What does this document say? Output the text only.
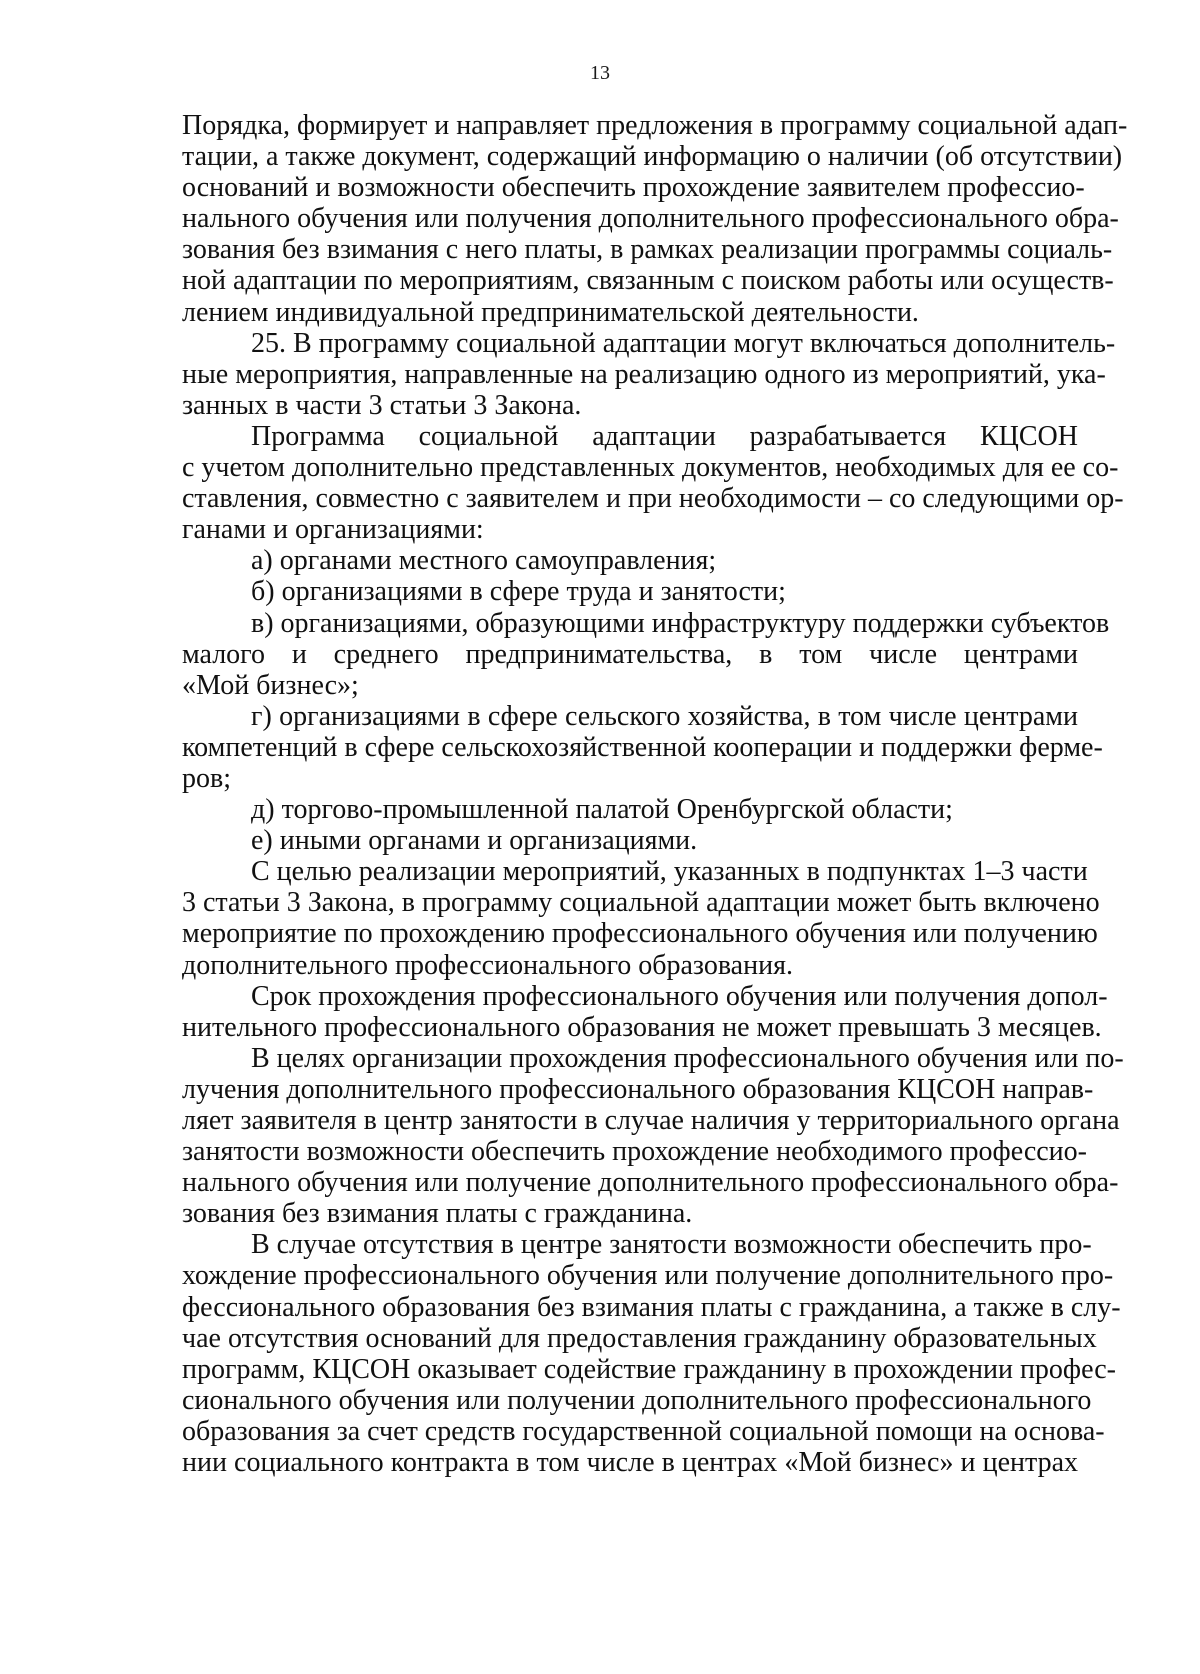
13
Порядка, формирует и направляет предложения в программу социальной адап-
тации, а также документ, содержащий информацию о наличии (об отсутствии)
оснований и возможности обеспечить прохождение заявителем профессио-
нального обучения или получения дополнительного профессионального обра-
зования без взимания с него платы, в рамках реализации программы социаль-
ной адаптации по мероприятиям, связанным с поиском работы или осуществ-
лением индивидуальной предпринимательской деятельности.
25. В программу социальной адаптации могут включаться дополнитель-
ные мероприятия, направленные на реализацию одного из мероприятий, ука-
занных в части 3 статьи 3 Закона.
Программа социальной адаптации разрабатывается КЦСОН
с учетом дополнительно представленных документов, необходимых для ее со-
ставления, совместно с заявителем и при необходимости – со следующими ор-
ганами и организациями:
а) органами местного самоуправления;
б) организациями в сфере труда и занятости;
в) организациями, образующими инфраструктуру поддержки субъектов
малого и среднего предпринимательства, в том числе центрами
«Мой бизнес»;
г) организациями в сфере сельского хозяйства, в том числе центрами
компетенций в сфере сельскохозяйственной кооперации и поддержки ферме-
ров;
д) торгово-промышленной палатой Оренбургской области;
е) иными органами и организациями.
С целью реализации мероприятий, указанных в подпунктах 1–3 части
3 статьи 3 Закона, в программу социальной адаптации может быть включено
мероприятие по прохождению профессионального обучения или получению
дополнительного профессионального образования.
Срок прохождения профессионального обучения или получения допол-
нительного профессионального образования не может превышать 3 месяцев.
В целях организации прохождения профессионального обучения или по-
лучения дополнительного профессионального образования КЦСОН направ-
ляет заявителя в центр занятости в случае наличия у территориального органа
занятости возможности обеспечить прохождение необходимого профессио-
нального обучения или получение дополнительного профессионального обра-
зования без взимания платы с гражданина.
В случае отсутствия в центре занятости возможности обеспечить про-
хождение профессионального обучения или получение дополнительного про-
фессионального образования без взимания платы с гражданина, а также в слу-
чае отсутствия оснований для предоставления гражданину образовательных
программ, КЦСОН оказывает содействие гражданину в прохождении профес-
сионального обучения или получении дополнительного профессионального
образования за счет средств государственной социальной помощи на основа-
нии социального контракта в том числе в центрах «Мой бизнес» и центрах
